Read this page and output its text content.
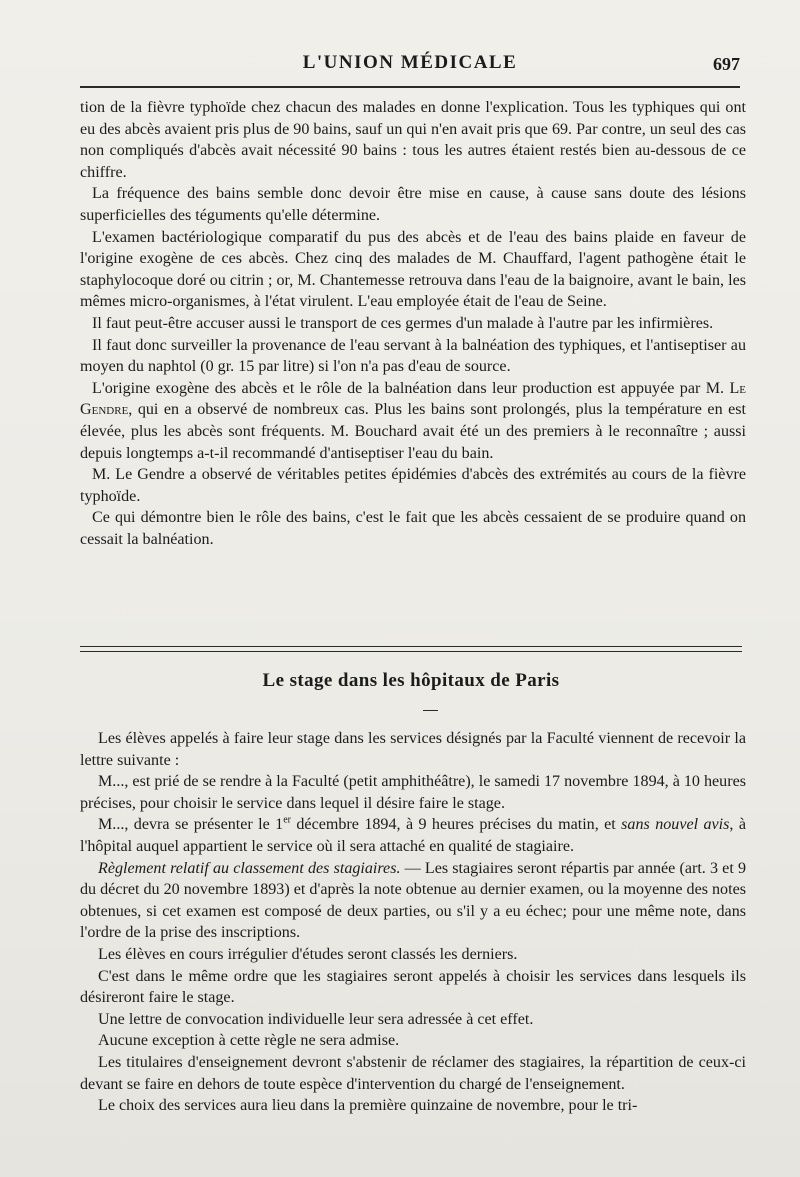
L'UNION MÉDICALE	697

tion de la fièvre typhoïde chez chacun des malades en donne l'explication. Tous les typhiques qui ont eu des abcès avaient pris plus de 90 bains, sauf un qui n'en avait pris que 69. Par contre, un seul des cas non compliqués d'abcès avait nécessité 90 bains : tous les autres étaient restés bien au-dessous de ce chiffre.

La fréquence des bains semble donc devoir être mise en cause, à cause sans doute des lésions superficielles des téguments qu'elle détermine.

L'examen bactériologique comparatif du pus des abcès et de l'eau des bains plaide en faveur de l'origine exogène de ces abcès. Chez cinq des malades de M. Chauffard, l'agent pathogène était le staphylocoque doré ou citrin ; or, M. Chantemesse retrouva dans l'eau de la baignoire, avant le bain, les mêmes micro-organismes, à l'état virulent. L'eau employée était de l'eau de Seine.

Il faut peut-être accuser aussi le transport de ces germes d'un malade à l'autre par les infirmières.

Il faut donc surveiller la provenance de l'eau servant à la balnéation des typhiques, et l'antiseptiser au moyen du naphtol (0 gr. 15 par litre) si l'on n'a pas d'eau de source.

L'origine exogène des abcès et le rôle de la balnéation dans leur production est appuyée par M. Le Gendre, qui en a observé de nombreux cas. Plus les bains sont prolongés, plus la température en est élevée, plus les abcès sont fréquents. M. Bouchard avait été un des premiers à le reconnaître ; aussi depuis longtemps a-t-il recommandé d'antiseptiser l'eau du bain.

M. Le Gendre a observé de véritables petites épidémies d'abcès des extrémités au cours de la fièvre typhoïde.

Ce qui démontre bien le rôle des bains, c'est le fait que les abcès cessaient de se produire quand on cessait la balnéation.

Le stage dans les hôpitaux de Paris

Les élèves appelés à faire leur stage dans les services désignés par la Faculté viennent de recevoir la lettre suivante :

M..., est prié de se rendre à la Faculté (petit amphithéâtre), le samedi 17 novembre 1894, à 10 heures précises, pour choisir le service dans lequel il désire faire le stage.

M..., devra se présenter le 1er décembre 1894, à 9 heures précises du matin, et sans nouvel avis, à l'hôpital auquel appartient le service où il sera attaché en qualité de stagiaire.

Règlement relatif au classement des stagiaires. — Les stagiaires seront répartis par année (art. 3 et 9 du décret du 20 novembre 1893) et d'après la note obtenue au dernier examen, ou la moyenne des notes obtenues, si cet examen est composé de deux parties, ou s'il y a eu échec; pour une même note, dans l'ordre de la prise des inscriptions.

Les élèves en cours irrégulier d'études seront classés les derniers.

C'est dans le même ordre que les stagiaires seront appelés à choisir les services dans lesquels ils désireront faire le stage.

Une lettre de convocation individuelle leur sera adressée à cet effet.

Aucune exception à cette règle ne sera admise.

Les titulaires d'enseignement devront s'abstenir de réclamer des stagiaires, la répartition de ceux-ci devant se faire en dehors de toute espèce d'intervention du chargé de l'enseignement.

Le choix des services aura lieu dans la première quinzaine de novembre, pour le tri-
